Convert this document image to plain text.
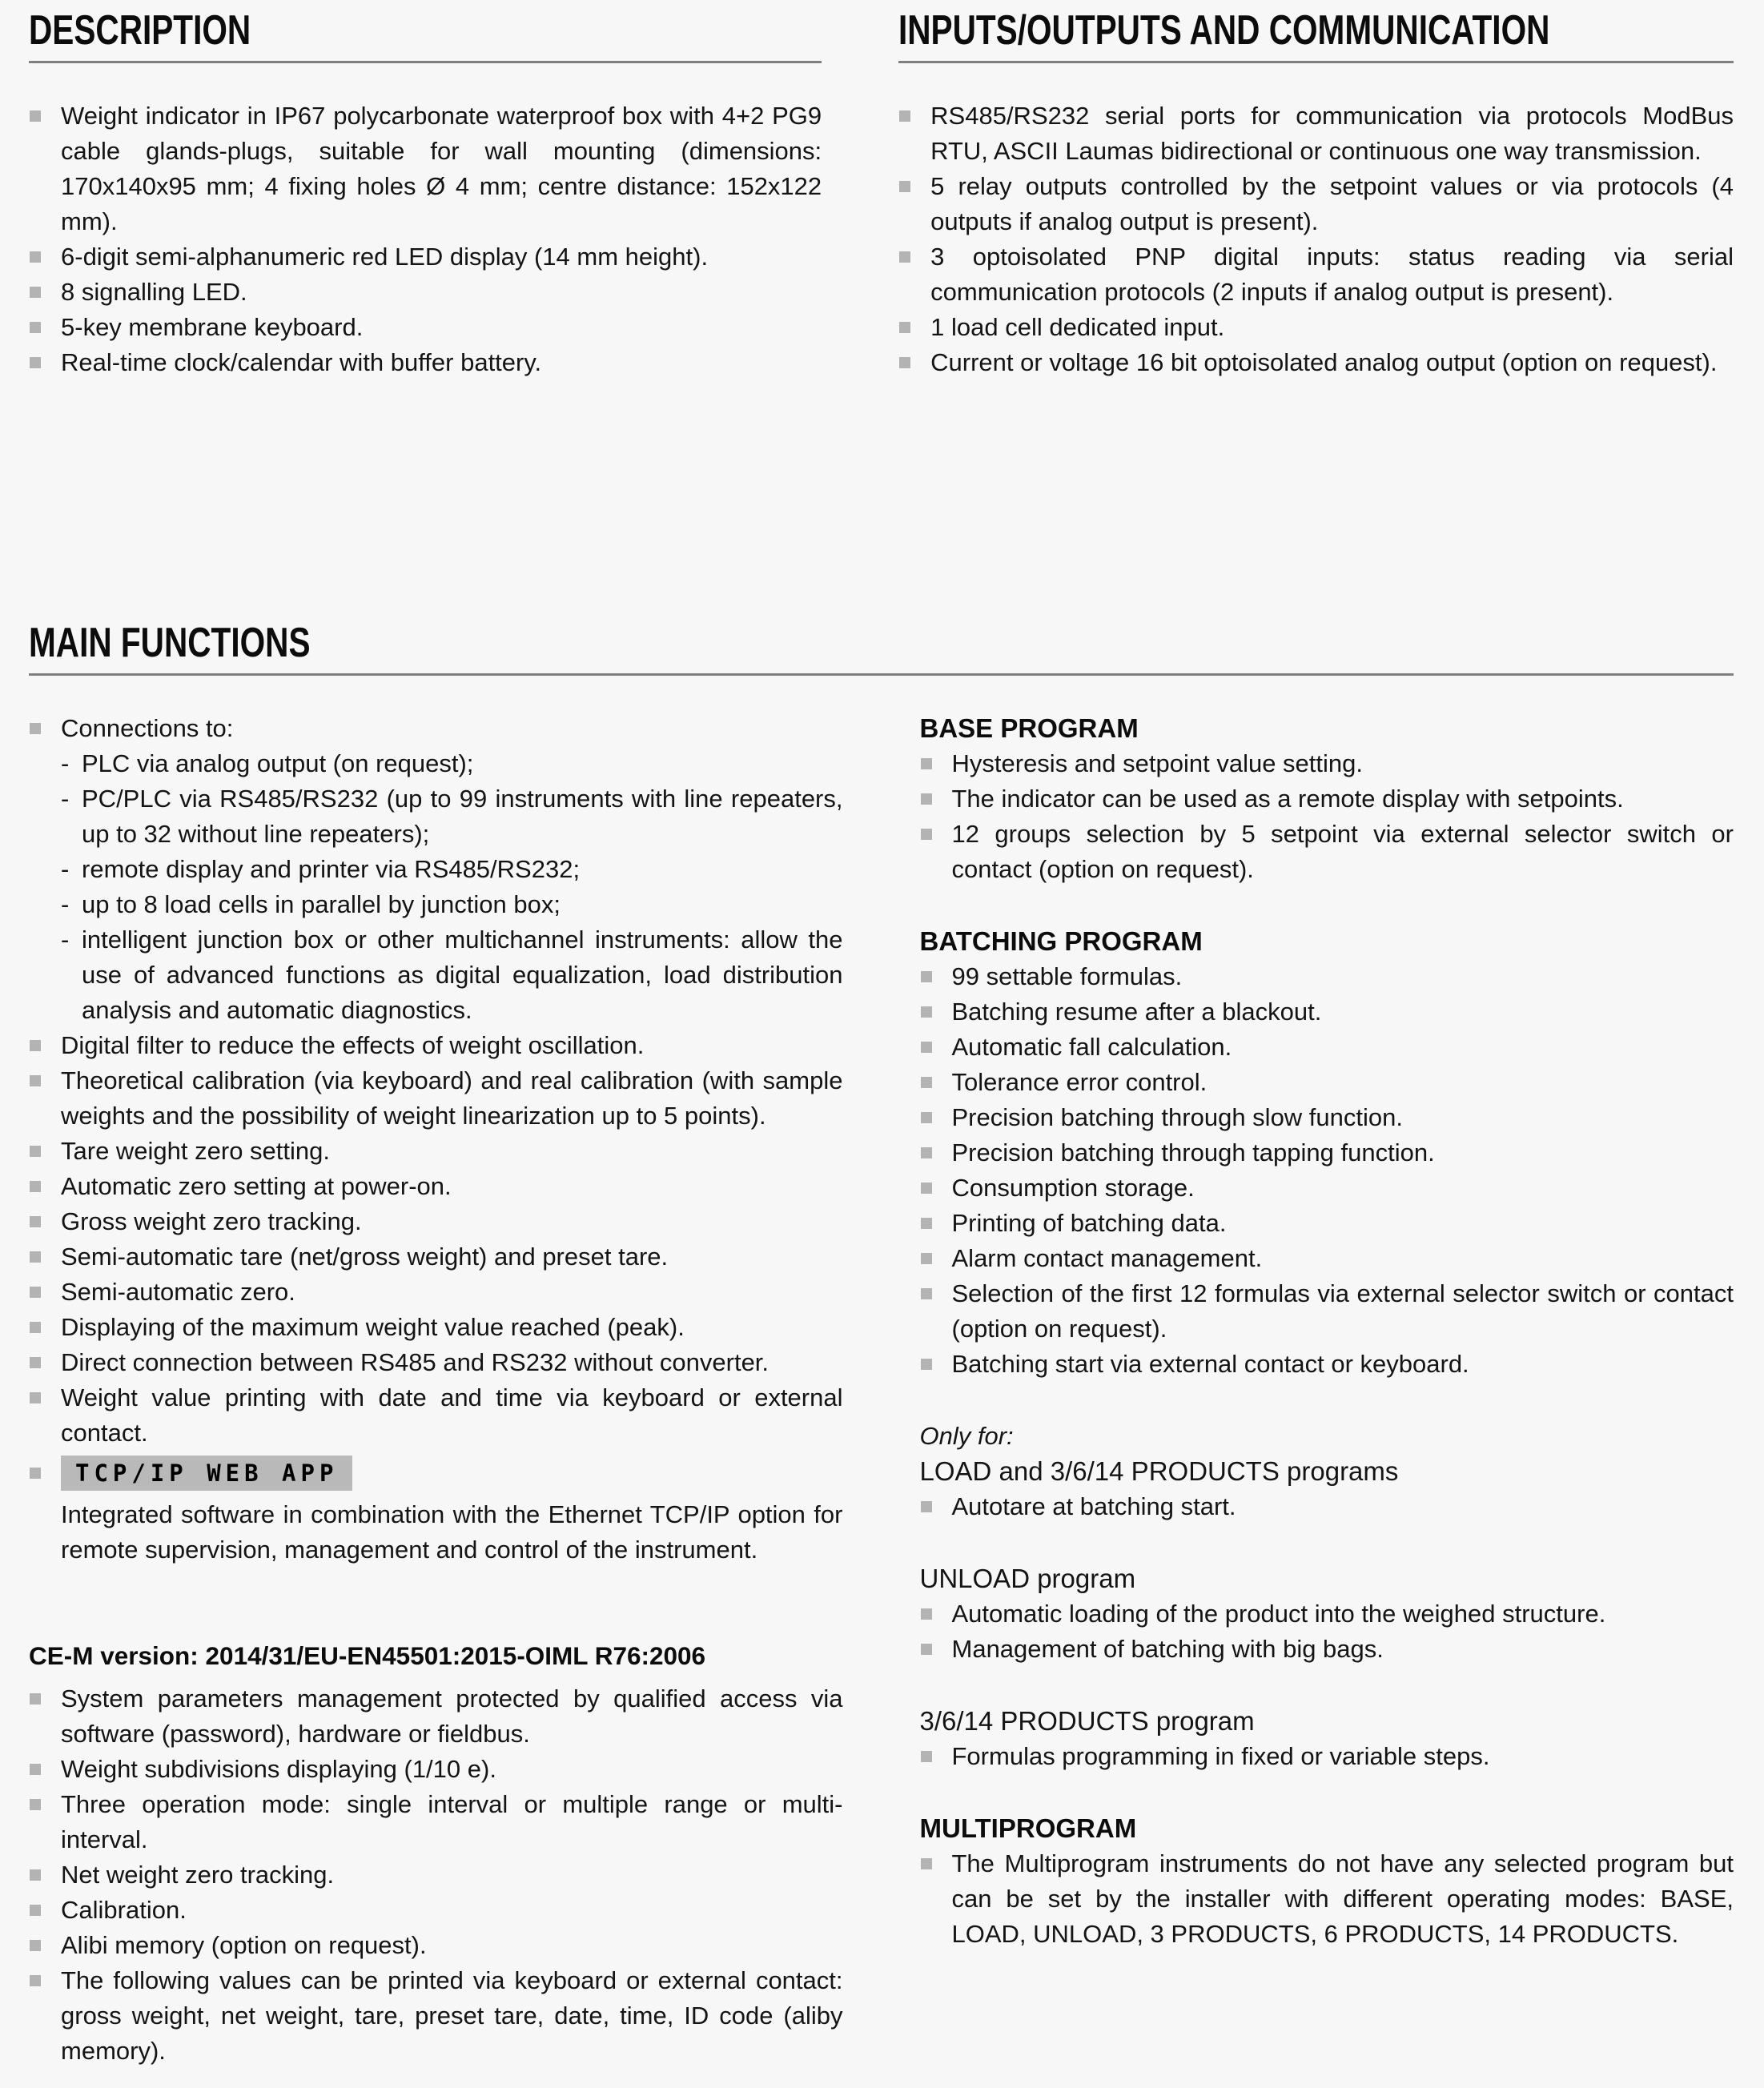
DESCRIPTION
Weight indicator in IP67 polycarbonate waterproof box with 4+2 PG9 cable glands-plugs, suitable for wall mounting (dimensions: 170x140x95 mm; 4 fixing holes Ø 4 mm; centre distance: 152x122 mm).
6-digit semi-alphanumeric red LED display (14 mm height).
8 signalling LED.
5-key membrane keyboard.
Real-time clock/calendar with buffer battery.
INPUTS/OUTPUTS AND COMMUNICATION
RS485/RS232 serial ports for communication via protocols ModBus RTU, ASCII Laumas bidirectional or continuous one way transmission.
5 relay outputs controlled by the setpoint values or via protocols (4 outputs if analog output is present).
3 optoisolated PNP digital inputs: status reading via serial communication protocols (2 inputs if analog output is present).
1 load cell dedicated input.
Current or voltage 16 bit optoisolated analog output (option on request).
MAIN FUNCTIONS
Connections to:
- PLC via analog output (on request);
- PC/PLC via RS485/RS232 (up to 99 instruments with line repeaters, up to 32 without line repeaters);
- remote display and printer via RS485/RS232;
- up to 8 load cells in parallel by junction box;
- intelligent junction box or other multichannel instruments: allow the use of advanced functions as digital equalization, load distribution analysis and automatic diagnostics.
Digital filter to reduce the effects of weight oscillation.
Theoretical calibration (via keyboard) and real calibration (with sample weights and the possibility of weight linearization up to 5 points).
Tare weight zero setting.
Automatic zero setting at power-on.
Gross weight zero tracking.
Semi-automatic tare (net/gross weight) and preset tare.
Semi-automatic zero.
Displaying of the maximum weight value reached (peak).
Direct connection between RS485 and RS232 without converter.
Weight value printing with date and time via keyboard or external contact.
TCP/IP WEB APP
Integrated software in combination with the Ethernet TCP/IP option for remote supervision, management and control of the instrument.

CE-M version: 2014/31/EU-EN45501:2015-OIML R76:2006

System parameters management protected by qualified access via software (password), hardware or fieldbus.
Weight subdivisions displaying (1/10 e).
Three operation mode: single interval or multiple range or multi-interval.
Net weight zero tracking.
Calibration.
Alibi memory (option on request).
The following values can be printed via keyboard or external contact: gross weight, net weight, tare, preset tare, date, time, ID code (aliby memory).
BASE PROGRAM
Hysteresis and setpoint value setting.
The indicator can be used as a remote display with setpoints.
12 groups selection by 5 setpoint via external selector switch or contact (option on request).
BATCHING PROGRAM
99 settable formulas.
Batching resume after a blackout.
Automatic fall calculation.
Tolerance error control.
Precision batching through slow function.
Precision batching through tapping function.
Consumption storage.
Printing of batching data.
Alarm contact management.
Selection of the first 12 formulas via external selector switch or contact (option on request).
Batching start via external contact or keyboard.
Only for:
LOAD and 3/6/14 PRODUCTS programs
Autotare at batching start.
UNLOAD program
Automatic loading of the product into the weighed structure.
Management of batching with big bags.
3/6/14 PRODUCTS program
Formulas programming in fixed or variable steps.
MULTIPROGRAM
The Multiprogram instruments do not have any selected program but can be set by the installer with different operating modes: BASE, LOAD, UNLOAD, 3 PRODUCTS, 6 PRODUCTS, 14 PRODUCTS.
